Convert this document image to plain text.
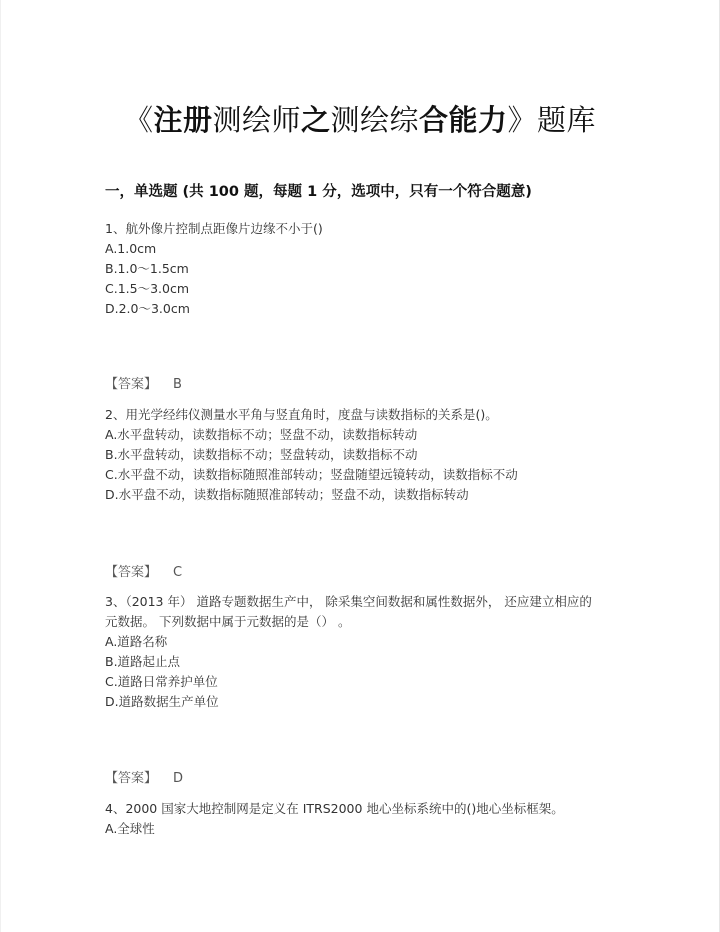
《注册测绘师之测绘综合能力》题库
一，单选题 (共 100 题，每题 1 分，选项中，只有一个符合题意)

1、航外像片控制点距像片边缘不小于()

A.1.0cm

B.1.0～1.5cm

C.1.5～3.0cm

D.2.0～3.0cm

【答案】 B

2、用光学经纬仪测量水平角与竖直角时，度盘与读数指标的关系是()。

A.水平盘转动，读数指标不动；竖盘不动，读数指标转动

B.水平盘转动，读数指标不动；竖盘转动，读数指标不动

C.水平盘不动，读数指标随照准部转动；竖盘随望远镜转动，读数指标不动

D.水平盘不动，读数指标随照准部转动；竖盘不动，读数指标转动

【答案】 C

3、（2013 年） 道路专题数据生产中， 除采集空间数据和属性数据外， 还应建立相应的

元数据。 下列数据中属于元数据的是（） 。

A.道路名称

B.道路起止点

C.道路日常养护单位

D.道路数据生产单位

【答案】 D

4、2000 国家大地控制网是定义在 ITRS2000 地心坐标系统中的()地心坐标框架。

A.全球性
